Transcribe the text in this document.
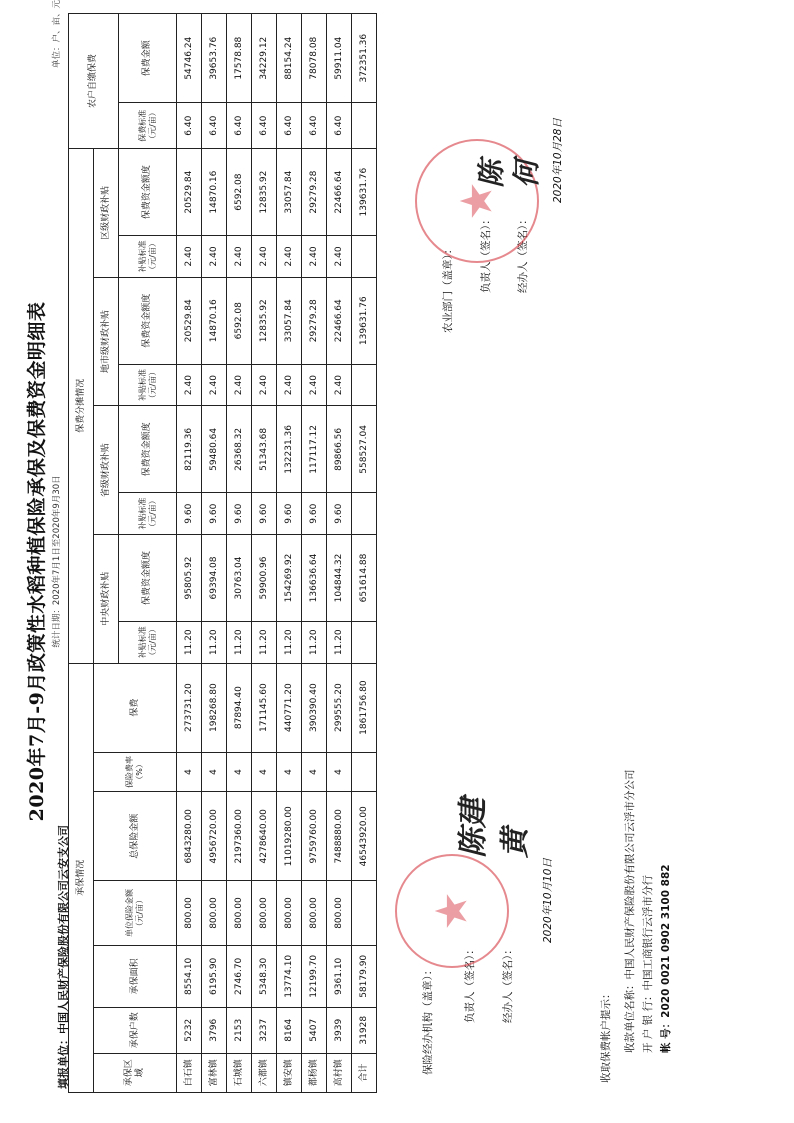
2020年7月-9月政策性水稻种植保险承保及保费资金明细表 统计日期：2020年7月1日至2020年9月30日
单位：户、亩、元
填报单位：中国人民财产保险股份有限公司云安支公司 承保情况							保费分摊情况								农户自缴保费	
承保区域	承保户数	承保面积	单位保险金额（元/亩）	总保险金额	保险费率（%）	保费	中央财政补贴		省级财政补贴		地市级财政补贴		区级财政补贴			
							补贴标准（元/亩）	保费资金额度	补贴标准（元/亩）	保费资金额度	补贴标准（元/亩）	保费资金额度	补贴标准（元/亩）	保费资金额度	保费标准（元/亩）	保费金额
白石镇	5232	8554.10	800.00	6843280.00	4	273731.20	11.20	95805.92	9.60	82119.36	2.40	20529.84	2.40	20529.84	6.40	54746.24
富林镇	3796	6195.90	800.00	4956720.00	4	198268.80	11.20	69394.08	9.60	59480.64	2.40	14870.16	2.40	14870.16	6.40	39653.76
石城镇	2153	2746.70	800.00	2197360.00	4	87894.40	11.20	30763.04	9.60	26368.32	2.40	6592.08	2.40	6592.08	6.40	17578.88
六都镇	3237	5348.30	800.00	4278640.00	4	171145.60	11.20	59900.96	9.60	51343.68	2.40	12835.92	2.40	12835.92	6.40	34229.12
镇安镇	8164	13774.10	800.00	11019280.00	4	440771.20	11.20	154269.92	9.60	132231.36	2.40	33057.84	2.40	33057.84	6.40	88154.24
都杨镇	5407	12199.70	800.00	9759760.00	4	390390.40	11.20	136636.64	9.60	117117.12	2.40	29279.28	2.40	29279.28	6.40	78078.08
高村镇	3939	9361.10	800.00	7488880.00	4	299555.20	11.20	104844.32	9.60	89866.56	2.40	22466.64	2.40	22466.64	6.40	59911.04
合计	31928	58179.90		46543920.00		1861756.80		651614.88		558527.04		139631.76		139631.76		372351.36
保险经办机构（盖章）：	负责人（签名）： 经办人（签名）：
★
陈建 黄
2020年10月10日
农业部门（盖章）： 负责人（签名）： 经办人（签名）：
★
陈 何 2020年10月28日
收取保费帐户提示： 收款单位名称：中国人民财产保险股份有限公司云浮市分公司
开 户 银 行：中国工商银行云浮市分行
帐 号：2020 0021 0902 3100 882
